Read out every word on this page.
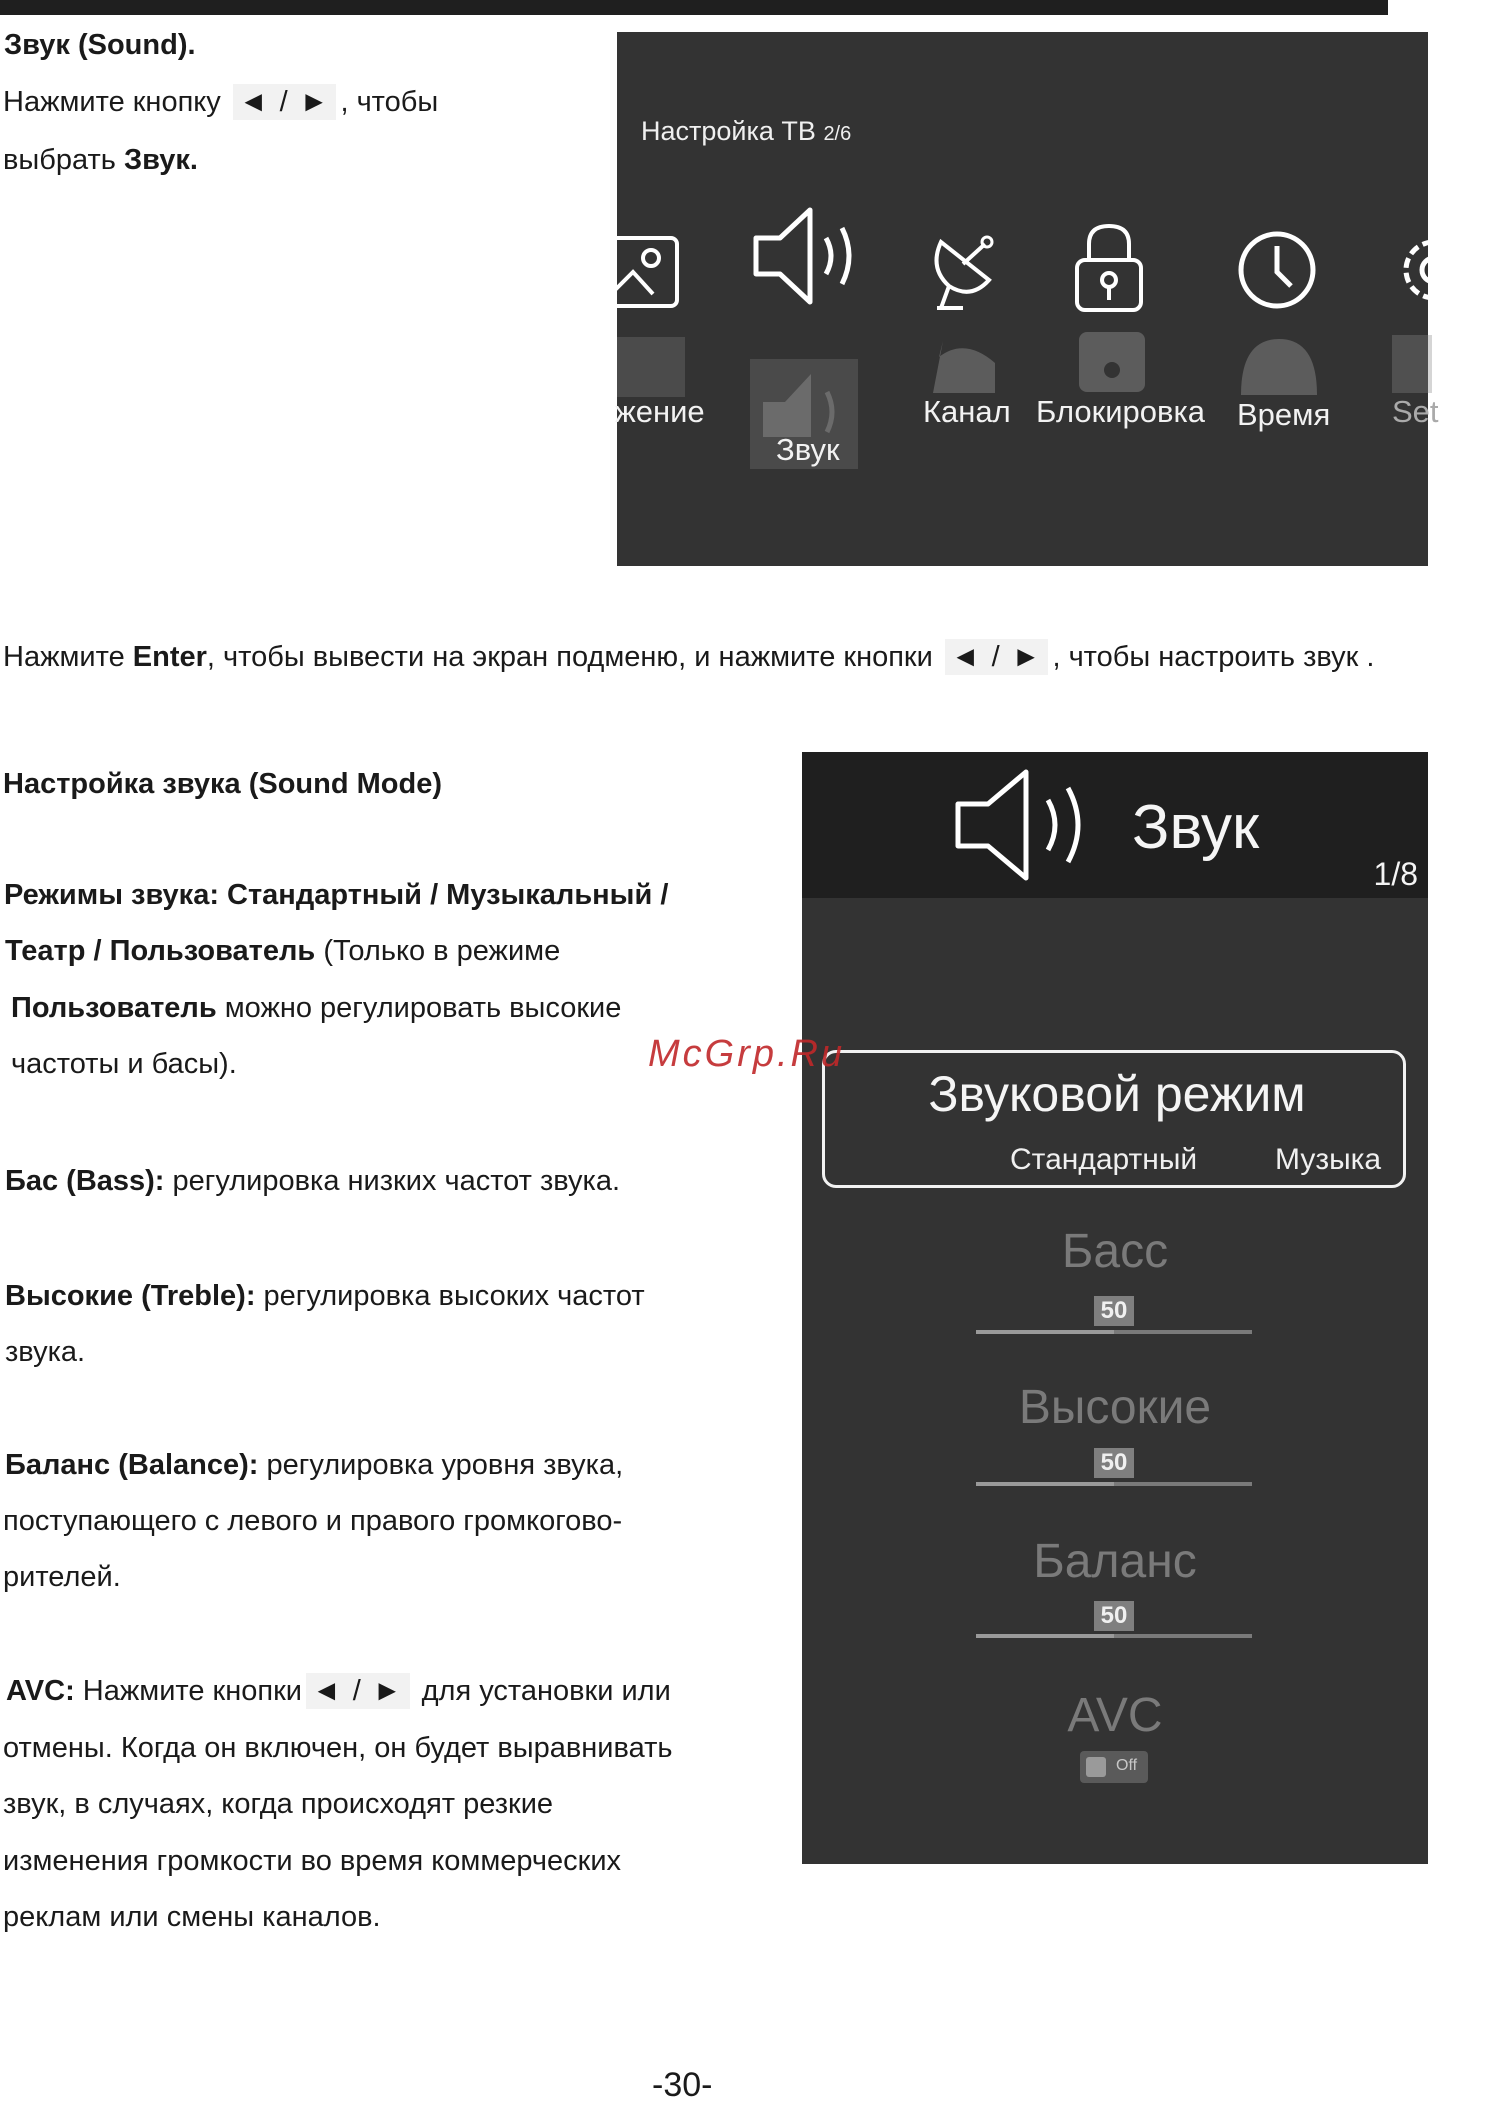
Звук (Sound).
Нажмите кнопку ◄ / ► , чтобы
выбрать Звук.
Настройка ТВ 2/6
жение
Звук
Канал Блокировка Время Set
Нажмите Enter, чтобы вывести на экран подменю, и нажмите кнопки ◄ / ► , чтобы настроить звук .
Настройка звука (Sound Mode)
Режимы звука: Стандартный / Музыкальный /
Театр / Пользователь (Только в режиме
Пользователь можно регулировать высокие
частоты и басы).
Бас (Bass): регулировка низких частот звука.
Высокие (Treble): регулировка высоких частот
звука.
Баланс (Balance): регулировка уровня звука,
поступающего с левого и правого громкогово-
рителей.
AVC: Нажмите кнопки ◄ / ► для установки или
отмены. Когда он включен, он будет выравнивать
звук, в случаях, когда происходят резкие
изменения громкости во время коммерческих
реклам или смены каналов.
Звук
1/8
Звуковой режим
Стандартный	Музыка
Басс
50
Высокие
50
Баланс
50
AVC
Off
McGrp.Ru
-30-
